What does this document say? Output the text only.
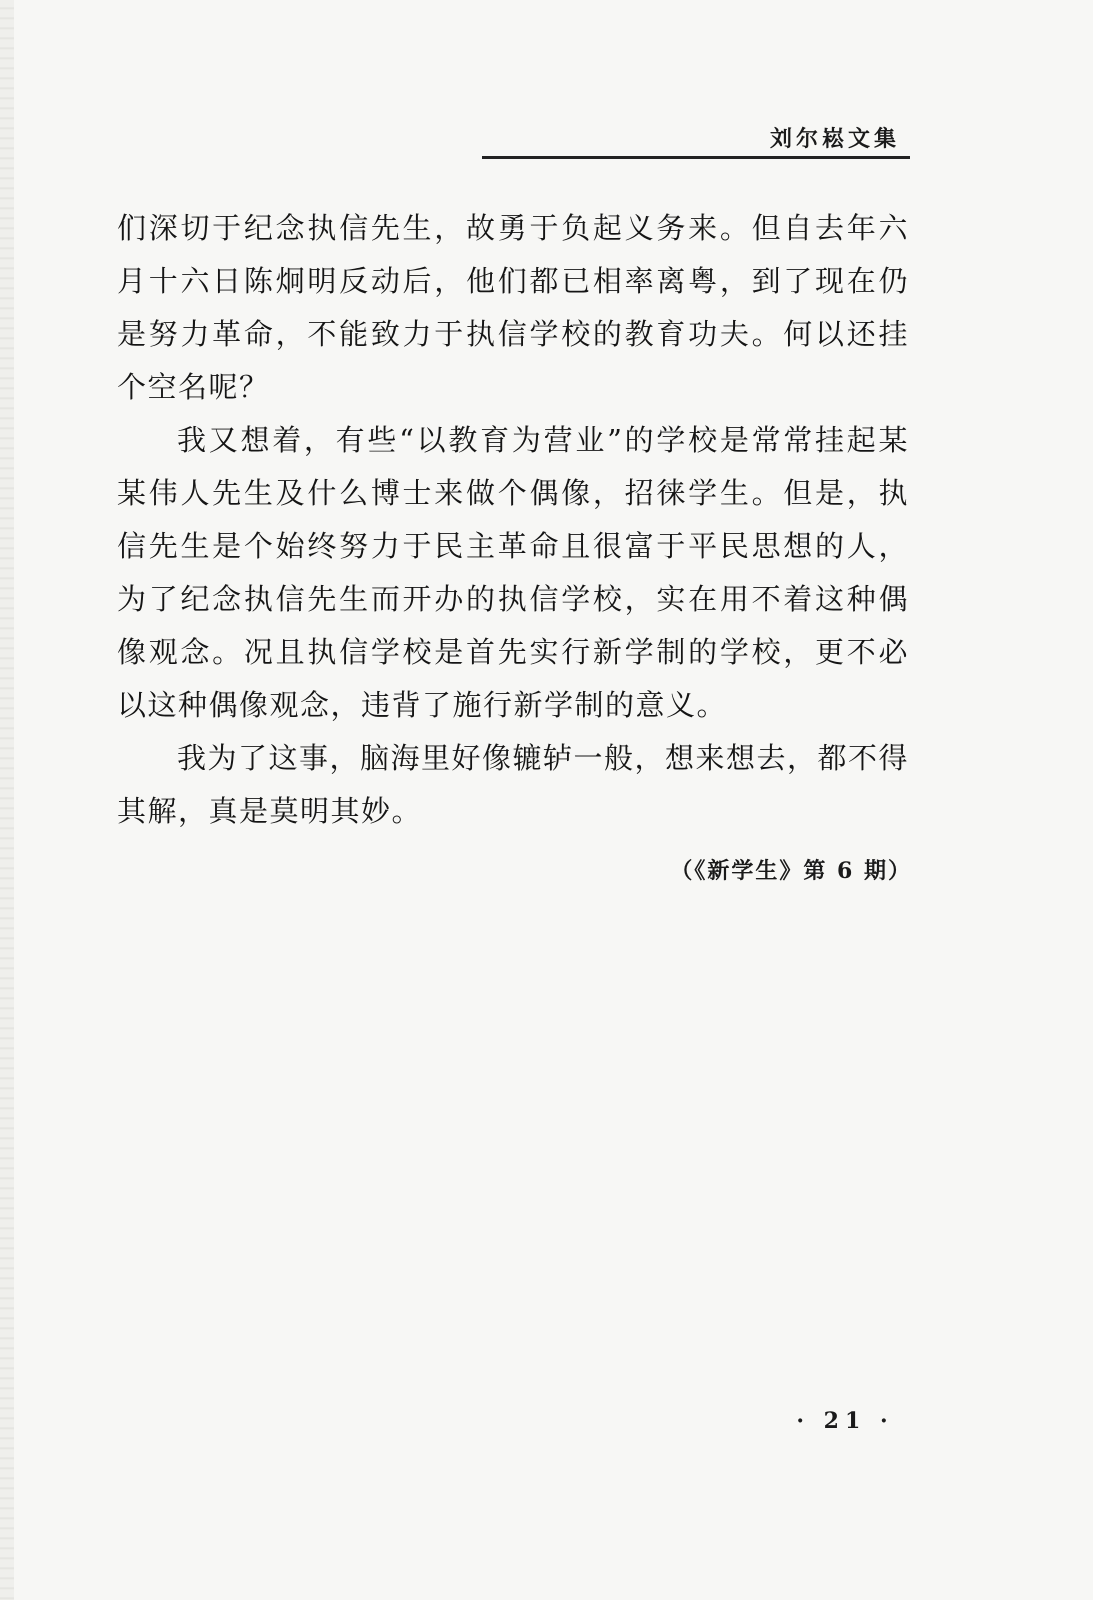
刘尔崧文集

们深切于纪念执信先生，故勇于负起义务来。但自去年六月十六日陈炯明反动后，他们都已相率离粤，到了现在仍是努力革命，不能致力于执信学校的教育功夫。何以还挂个空名呢？

我又想着，有些“以教育为营业”的学校是常常挂起某某伟人先生及什么博士来做个偶像，招徕学生。但是，执信先生是个始终努力于民主革命且很富于平民思想的人，为了纪念执信先生而开办的执信学校，实在用不着这种偶像观念。况且执信学校是首先实行新学制的学校，更不必以这种偶像观念，违背了施行新学制的意义。

我为了这事，脑海里好像辘轳一般，想来想去，都不得其解，真是莫明其妙。

（《新学生》第 6 期）
· 21 ·
